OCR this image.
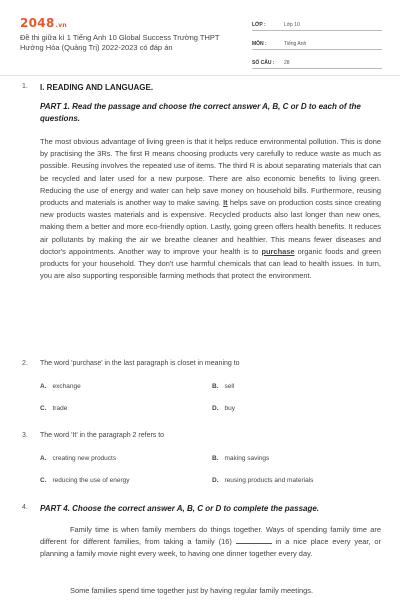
2048.vn
Đề thi giữa kì 1 Tiếng Anh 10 Global Success Trường THPT Hướng Hóa (Quảng Trị) 2022-2023 có đáp án
LỚP :	Lớp 10
MÔN :	Tiếng Anh
SỐ CÂU : 28
1. I. READING AND LANGUAGE.
PART 1. Read the passage and choose the correct answer A, B, C or D to each of the questions.
The most obvious advantage of living green is that it helps reduce environmental pollution. This is done by practising the 3Rs. The first R means choosing products very carefully to reduce waste as much as possible. Reusing involves the repeated use of items. The third R is about separating materials that can be recycled and later used for a new purpose. There are also economic benefits to living green. Reducing the use of energy and water can help save money on household bills. Furthermore, reusing products and materials is another way to make saving. It helps save on production costs since creating new products wastes materials and is expensive. Recycled products also last longer than new ones, making them a better and more eco-friendly option. Lastly, going green offers health benefits. It reduces air pollutants by making the air we breathe cleaner and healthier. This means fewer diseases and doctor's appointments. Another way to improve your health is to purchase organic foods and green products for your household. They don't use harmful chemicals that can lead to health issues. In turn, you are also supporting responsible farming methods that protect the environment.
2. The word 'purchase' in the last paragraph is closet in meaning to
A. exchange	B. sell
C. trade	D. buy
3. The word 'It' in the paragraph 2 refers to
A. creating new products	B. making savings
C. reducing the use of energy	D. reusing products and materials
4. PART 4. Choose the correct answer A, B, C or D to complete the passage.
Family time is when family members do things together. Ways of spending family time are different for different families, from taking a family (16)	in a nice place every year, or planning a family movie night every week, to having one dinner together every day.
Some families spend time together just by having regular family meetings.
